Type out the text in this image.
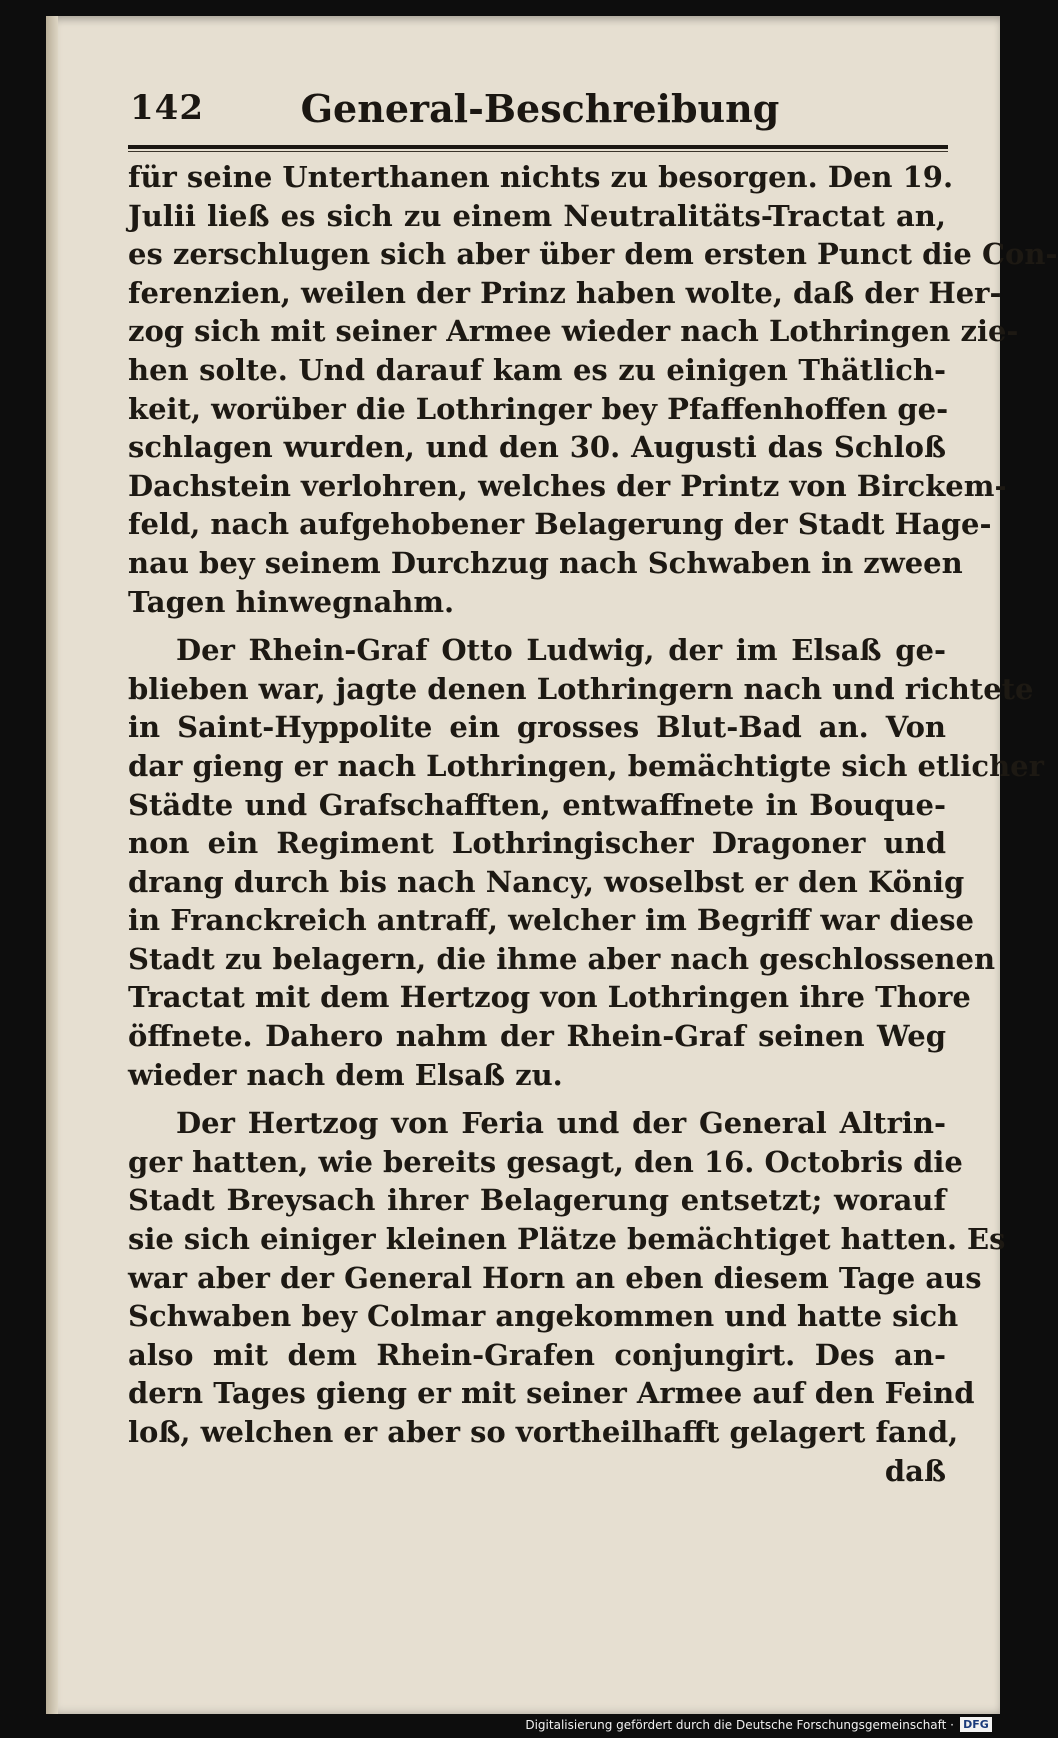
General-Beschreibung
142
für seine Unterthanen nichts zu besorgen. Den 19.
Julii ließ es sich zu einem Neutralitäts-Tractat an,
es zerschlugen sich aber über dem ersten Punct die Con-
ferenzien, weilen der Prinz haben wolte, daß der Her-
zog sich mit seiner Armee wieder nach Lothringen zie-
hen solte. Und darauf kam es zu einigen Thätlich-
keit, worüber die Lothringer bey Pfaffenhoffen ge-
schlagen wurden, und den 30. Augusti das Schloß
Dachstein verlohren, welches der Printz von Birckem-
feld, nach aufgehobener Belagerung der Stadt Hage-
nau bey seinem Durchzug nach Schwaben in zween
Tagen hinwegnahm.
Der Rhein-Graf Otto Ludwig, der im Elsaß ge-
blieben war, jagte denen Lothringern nach und richtete
in Saint-Hyppolite ein grosses Blut-Bad an. Von
dar gieng er nach Lothringen, bemächtigte sich etlicher
Städte und Grafschafften, entwaffnete in Bouque-
non ein Regiment Lothringischer Dragoner und
drang durch bis nach Nancy, woselbst er den König
in Franckreich antraff, welcher im Begriff war diese
Stadt zu belagern, die ihme aber nach geschlossenen
Tractat mit dem Hertzog von Lothringen ihre Thore
öffnete. Dahero nahm der Rhein-Graf seinen Weg
wieder nach dem Elsaß zu.
Der Hertzog von Feria und der General Altrin-
ger hatten, wie bereits gesagt, den 16. Octobris die
Stadt Breysach ihrer Belagerung entsetzt; worauf
sie sich einiger kleinen Plätze bemächtiget hatten. Es
war aber der General Horn an eben diesem Tage aus
Schwaben bey Colmar angekommen und hatte sich
also mit dem Rhein-Grafen conjungirt. Des an-
dern Tages gieng er mit seiner Armee auf den Feind
loß, welchen er aber so vortheilhafft gelagert fand,
daß
Digitalisierung gefördert durch die Deutsche Forschungsgemeinschaft · DFG
